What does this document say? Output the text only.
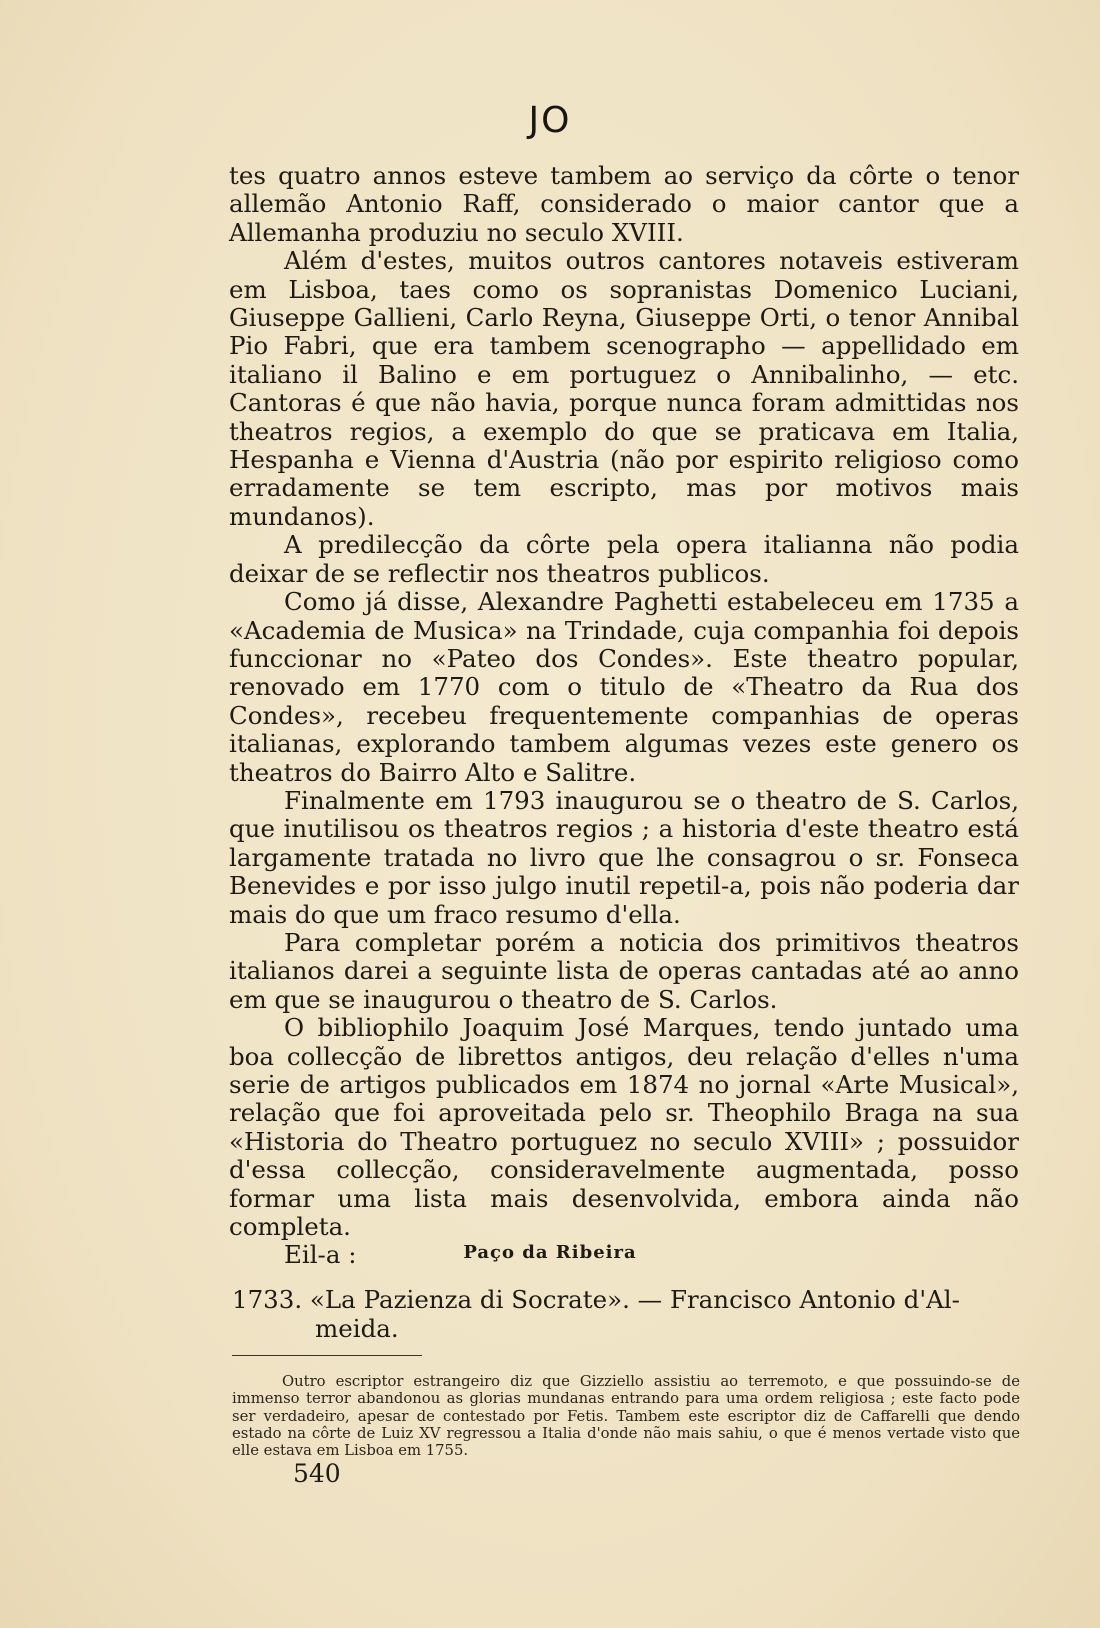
JO

tes quatro annos esteve tambem ao serviço da côrte o tenor allemão Antonio Raff, considerado o maior cantor que a Allemanha produziu no seculo XVIII.

Além d'estes, muitos outros cantores notaveis estiveram em Lisboa, taes como os sopranistas Domenico Luciani, Giuseppe Gallieni, Carlo Reyna, Giuseppe Orti, o tenor Annibal Pio Fabri, que era tambem scenographo — appellidado em italiano il Balino e em portuguez o Annibalinho, — etc. Cantoras é que não havia, porque nunca foram admittidas nos theatros regios, a exemplo do que se praticava em Italia, Hespanha e Vienna d'Austria (não por espirito religioso como erradamente se tem escripto, mas por motivos mais mundanos).

A predilecção da côrte pela opera italianna não podia deixar de se reflectir nos theatros publicos.

Como já disse, Alexandre Paghetti estabeleceu em 1735 a «Academia de Musica» na Trindade, cuja companhia foi depois funccionar no «Pateo dos Condes». Este theatro popular, renovado em 1770 com o titulo de «Theatro da Rua dos Condes», recebeu frequentemente companhias de operas italianas, explorando tambem algumas vezes este genero os theatros do Bairro Alto e Salitre.

Finalmente em 1793 inaugurou se o theatro de S. Carlos, que inutilisou os theatros regios ; a historia d'este theatro está largamente tratada no livro que lhe consagrou o sr. Fonseca Benevides e por isso julgo inutil repetil-a, pois não poderia dar mais do que um fraco resumo d'ella.

Para completar porém a noticia dos primitivos theatros italianos darei a seguinte lista de operas cantadas até ao anno em que se inaugurou o theatro de S. Carlos.

O bibliophilo Joaquim José Marques, tendo juntado uma boa collecção de librettos antigos, deu relação d'elles n'uma serie de artigos publicados em 1874 no jornal «Arte Musical», relação que foi aproveitada pelo sr. Theophilo Braga na sua «Historia do Theatro portuguez no seculo XVIII» ; possuidor d'essa collecção, consideravelmente augmentada, posso formar uma lista mais desenvolvida, embora ainda não completa.

Eil-a :	Paço da Ribeira
1733. «La Pazienza di Socrate». — Francisco Antonio d'Al-
meida.
Outro escriptor estrangeiro diz que Gizziello assistiu ao terremoto, e que possuindo-se de immenso terror abandonou as glorias mundanas entrando para uma ordem religiosa ; este facto pode ser verdadeiro, apesar de contestado por Fetis. Tambem este escriptor diz de Caffarelli que dendo estado na côrte de Luiz XV regressou a Italia d'onde não mais sahiu, o que é menos vertade visto que elle estava em Lisboa em 1755.
540
